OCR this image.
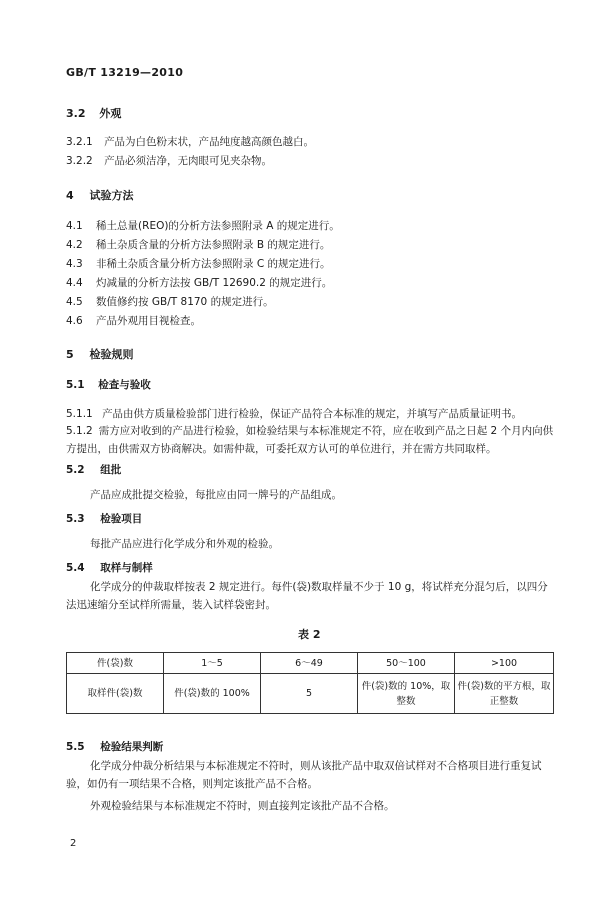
GB/T 13219—2010
3.2 外观
3.2.1 产品为白色粉末状，产品纯度越高颜色越白。
3.2.2 产品必须洁净，无肉眼可见夹杂物。
4 试验方法
4.1 稀土总量(REO)的分析方法参照附录 A 的规定进行。
4.2 稀土杂质含量的分析方法参照附录 B 的规定进行。
4.3 非稀土杂质含量分析方法参照附录 C 的规定进行。
4.4 灼减量的分析方法按 GB/T 12690.2 的规定进行。
4.5 数值修约按 GB/T 8170 的规定进行。
4.6 产品外观用目视检查。
5 检验规则
5.1 检查与验收
5.1.1 产品由供方质量检验部门进行检验，保证产品符合本标准的规定，并填写产品质量证明书。
5.1.2 需方应对收到的产品进行检验，如检验结果与本标准规定不符，应在收到产品之日起 2 个月内向供方提出，由供需双方协商解决。如需仲裁，可委托双方认可的单位进行，并在需方共同取样。
5.2 组批
产品应成批提交检验，每批应由同一牌号的产品组成。
5.3 检验项目
每批产品应进行化学成分和外观的检验。
5.4 取样与制样
化学成分的仲裁取样按表 2 规定进行。每件(袋)数取样量不少于 10 g，将试样充分混匀后，以四分法迅速缩分至试样所需量，装入试样袋密封。
表 2
件(袋)数	1～5	6～49	50～100	>100
取样件(袋)数	件(袋)数的 100%	5	件(袋)数的 10%，取整数	件(袋)数的平方根，取正整数
5.5 检验结果判断
化学成分仲裁分析结果与本标准规定不符时，则从该批产品中取双倍试样对不合格项目进行重复试验，如仍有一项结果不合格，则判定该批产品不合格。
外观检验结果与本标准规定不符时，则直接判定该批产品不合格。
2
